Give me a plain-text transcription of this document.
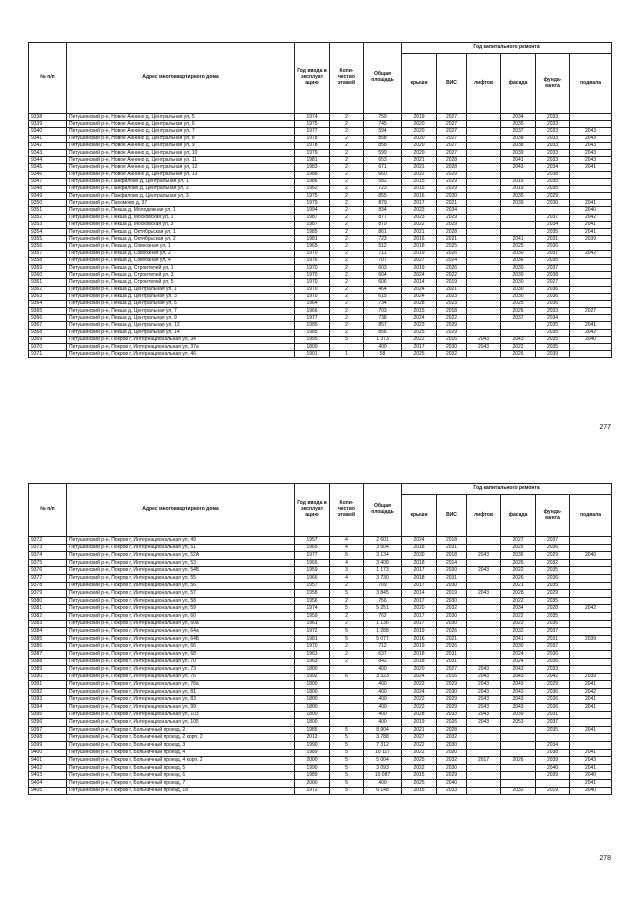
№ п/п	Адрес многоквартирного дома	Год ввода в эксплуат ацию	Коли-чество этажей	Общая площадь	Год капитального ремонта					
					крыши	ВИС	лифтов	фасада	фунда-мента	подвала
9338	Петушинский р-н, Новое Аннино д, Центральная ул, 5	1974	2	759	2019	2027		2034	2033	
9339	Петушинский р-н, Новое Аннино д, Центральная ул, 6	1975	2	745	2020	2027		2035	2033	
9340	Петушинский р-н, Новое Аннино д, Центральная ул, 7	1977	2	594	2020	2027		2037	2033	2043
9341	Петушинский р-н, Новое Аннино д, Центральная ул, 8	1978	2	858	2020	2027		2038	2033	2043
9342	Петушинский р-н, Новое Аннино д, Центральная ул, 9	1978	2	858	2020	2027		2038	2033	2043
9343	Петушинский р-н, Новое Аннино д, Центральная ул, 10	1979	2	599	2020	2027		2039	2033	2043
9344	Петушинский р-н, Новое Аннино д, Центральная ул, 11	1981	2	653	2021	2028		2041	2033	2043
9345	Петушинский р-н, Новое Аннино д, Центральная ул, 12	1983	2	671	2021	2028		2043	2034	2041
9346	Петушинский р-н, Новое Аннино д, Центральная ул, 13	1988	2	660	2022	2029			2038	
9347	Петушинский р-н, Панфилово д, Центральная ул, 1	1986	2	582	2015	2029		2019	2035	
9348	Петушинский р-н, Панфилово д, Центральная ул, 2	1962	2	723	2015	2029		2019	2035	
9349	Петушинский р-н, Панфилово д, Центральная ул, 3	1975	2	855	2016	2020		2035	2029	
9350	Петушинский р-н, Пахомово д, 37	1979	2	879	2017	2021		2039	2030	2041
9351	Петушинский р-н, Пекша д, Молодежная ул, 1	1994	2	834	2023	2034				2040
9352	Петушинский р-н, Пекша д, Московская ул, 1	1987	2	877	2023	2029			2037	2042
9353	Петушинский р-н, Пекша д, Московская ул, 3	1987	2	879	2022	2029			2034	2041
9354	Петушинский р-н, Пекша д, Октябрьская ул, 1	1985	2	861	2021	2028			2035	2041
9355	Петушинский р-н, Пекша д, Октябрьская ул, 2	1981	2	723	2016	2021		2041	2031	2039
9356	Петушинский р-н, Пекша д, Совхозная ул, 1	1965	2	512	2018	2025		2025	2036	
9357	Петушинский р-н, Пекша д, Совхозная ул, 2	1970	2	711	2019	2026		2030	2037	2042
9358	Петушинский р-н, Пекша д, Совхозная ул, 4	1976	2	707	2027	2024		2036	2035	
9359	Петушинский р-н, Пекша д, Строителей ул, 1	1970	2	603	2019	2026		2030	2037	
9360	Петушинский р-н, Пекша д, Строителей ул, 3	1970	2	604	2024	2022		2030	2038	
9361	Петушинский р-н, Пекша д, Строителей ул, 5	1970	2	606	2014	2019		2030	2027	
9362	Петушинский р-н, Пекша д, Центральная ул, 1	1970	2	464	2024	2021		2030	2036	
9363	Петушинский р-н, Пекша д, Центральная ул, 3	1970	2	615	2024	2023		2030	2036	
9364	Петушинский р-н, Пекша д, Центральная ул, 5	1964	2	734	2028	2023		2025	2036	
9365	Петушинский р-н, Пекша д, Центральная ул, 7	1966	2	703	2015	2018		2026	2033	2027
9366	Петушинский р-н, Пекша д, Центральная ул, 9	1977	2	738	2024	2022		2037	2034	
9367	Петушинский р-н, Пекша д, Центральная ул, 12	1985	2	857	2023	2029			2035	2041
9368	Петушинский р-н, Пекша д, Центральная ул, 14	1985	2	856	2025	2029			2035	2042
9369	Петушинский р-н, Покров г, Интернациональная ул, 34	1995	5	1 373	2022	2016	2043	2043	2035	2040
9370	Петушинский р-н, Покров г, Интернациональная ул, 37а	1800		400	2017	2030	2043	2022	2035	
9371	Петушинский р-н, Покров г, Интернациональная ул, 46	1901	1	58	2025	2032		2026	2039	
277
№ п/п	Адрес многоквартирного дома	Год ввода в эксплуат ацию	Коли-чество этажей	Общая площадь	Год капитального ремонта					
					крыши	ВИС	лифтов	фасада	фунда-мента	подвала
9372	Петушинский р-н, Покров г, Интернациональная ул, 49	1957	4	2 601	2024	2018		2027	2037	
9373	Петушинский р-н, Покров г, Интернациональная ул, 51	1965	4	3 604	2018	2031		2025	2036	
9374	Петушинский р-н, Покров г, Интернациональная ул, 52А	1977	5	3 134	2030	2018	2043	2036	2029	2040
9375	Петушинский р-н, Покров г, Интернациональная ул, 53	1966	4	3 400	2018	2014		2026	2032	
9376	Петушинский р-н, Покров г, Интернациональная ул, 54Б	1959	3	1 173	2017	2030	2043	2022	2035	
9377	Петушинский р-н, Покров г, Интернациональная ул, 55	1966	4	3 730	2018	2031		2026	2036	
9378	Петушинский р-н, Покров г, Интернациональная ул, 56	1957	2	709	2017	2030		2021	2035	
9379	Петушинский р-н, Покров г, Интернациональная ул, 57	1958	5	3 845	2014	2019	2043	2028	2029	
9380	Петушинский р-н, Покров г, Интернациональная ул, 58	1956	2	756	2017	2030		2022	2035	
9381	Петушинский р-н, Покров г, Интернациональная ул, 59	1974	5	5 251	2020	2032		2034	2028	2042
9382	Петушинский р-н, Покров г, Интернациональная ул, 60	1959	2	762	2017	2030		2022	2035	
9383	Петушинский р-н, Покров г, Интернациональная ул, 60а	1961	2	1 136	2017	2030		2023	2036	
9384	Петушинский р-н, Покров г, Интернациональная ул, 64а	1972	5	1 288	2019	2026		2032	2037	
9385	Петушинский р-н, Покров г, Интернациональная ул, 64Б	1981	5	5 077	2016	2021		2041	2031	2039
9386	Петушинский р-н, Покров г, Интернациональная ул, 66	1970	2	712	2019	2026		2030	2037	
9387	Петушинский р-н, Покров г, Интернациональная ул, 68	1963	2	637	2018	2031		2024	2036	
9388	Петушинский р-н, Покров г, Интернациональная ул, 70	1963	2	842	2018	2031		2024	2036	
9389	Петушинский р-н, Покров г, Интернациональная ул, 73	1800		400	2020	2027	2043	2043	2033	
9390	Петушинский р-н, Покров г, Интернациональная ул, 76	1992	6	3 323	2024	2016	2043	2043	2042	2039
9391	Петушинский р-н, Покров г, Интернациональная ул, 78а	1800		400	2022	2029	2043	2043	2029	2041
9392	Петушинский р-н, Покров г, Интернациональная ул, 81	1800		400	2024	2030	2043	2043	2036	2042
9393	Петушинский р-н, Покров г, Интернациональная ул, 83	1800		400	2022	2029	2043	2043	2036	2041
9394	Петушинский р-н, Покров г, Интернациональная ул, 99	1800		400	2022	2029	2043	2043	2036	2041
9395	Петушинский р-н, Покров г, Интернациональная ул, 103	1800		400	2028	2033	2043	2039	2031	
9396	Петушинский р-н, Покров г, Интернациональная ул, 105	1800		400	2019	2026	2043	2053	2037	
9397	Петушинский р-н, Покров г, Больничный проезд, 2	1985	5	8 904	2021	2028			2035	2041
9398	Петушинский р-н, Покров г, Больничный проезд, 2 корп. 2	2012	5	3 788	2027	2032				
9399	Петушинский р-н, Покров г, Больничный проезд, 3	1990	5	7 312	2022	2030			2034	
9400	Петушинский р-н, Покров г, Больничный проезд, 4	1989	5	10 117	2022	2020			2038	2041
9401	Петушинский р-н, Покров г, Больничный проезд, 4 корп. 2	2000	5	5 004	2025	2032	2017	2026	2039	2043
9402	Петушинский р-н, Покров г, Больничный проезд, 5	1990	5	3 093	2022	2030			2040	2041
9403	Петушинский р-н, Покров г, Больничный проезд, 6	1989	5	10 087	2015	2029			2039	2040
9404	Петушинский р-н, Покров г, Больничный проезд, 7	2000	5	400	2025	2040				2041
9405	Петушинский р-н, Покров г, Больничный проезд, 18	1972	5	6 148	2015	2033		2032	2019	2040
278
